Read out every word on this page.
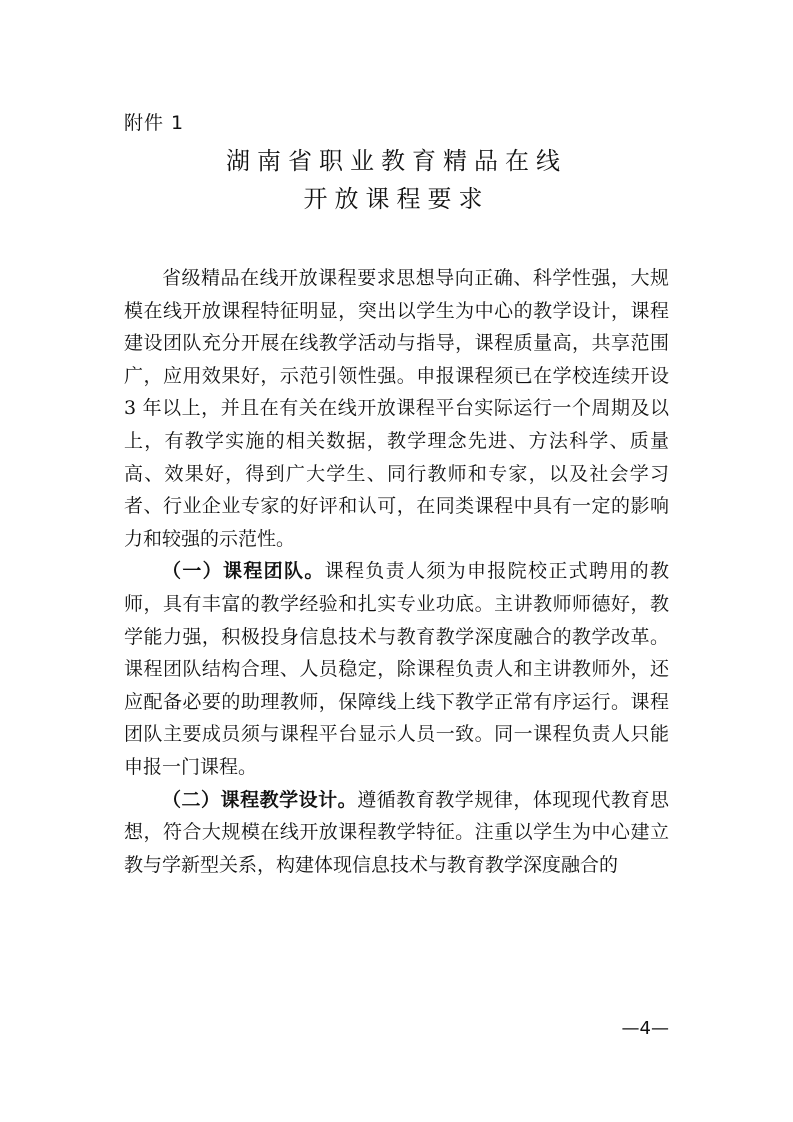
附件 1
湖南省职业教育精品在线
开放课程要求

省级精品在线开放课程要求思想导向正确、科学性强，大规模在线开放课程特征明显，突出以学生为中心的教学设计，课程建设团队充分开展在线教学活动与指导，课程质量高，共享范围广，应用效果好，示范引领性强。申报课程须已在学校连续开设 3 年以上，并且在有关在线开放课程平台实际运行一个周期及以上，有教学实施的相关数据，教学理念先进、方法科学、质量高、效果好，得到广大学生、同行教师和专家，以及社会学习者、行业企业专家的好评和认可，在同类课程中具有一定的影响力和较强的示范性。

（一）课程团队。课程负责人须为申报院校正式聘用的教师，具有丰富的教学经验和扎实专业功底。主讲教师师德好，教学能力强，积极投身信息技术与教育教学深度融合的教学改革。课程团队结构合理、人员稳定，除课程负责人和主讲教师外，还应配备必要的助理教师，保障线上线下教学正常有序运行。课程团队主要成员须与课程平台显示人员一致。同一课程负责人只能申报一门课程。

（二）课程教学设计。遵循教育教学规律，体现现代教育思想，符合大规模在线开放课程教学特征。注重以学生为中心建立教与学新型关系，构建体现信息技术与教育教学深度融合的

—4—
